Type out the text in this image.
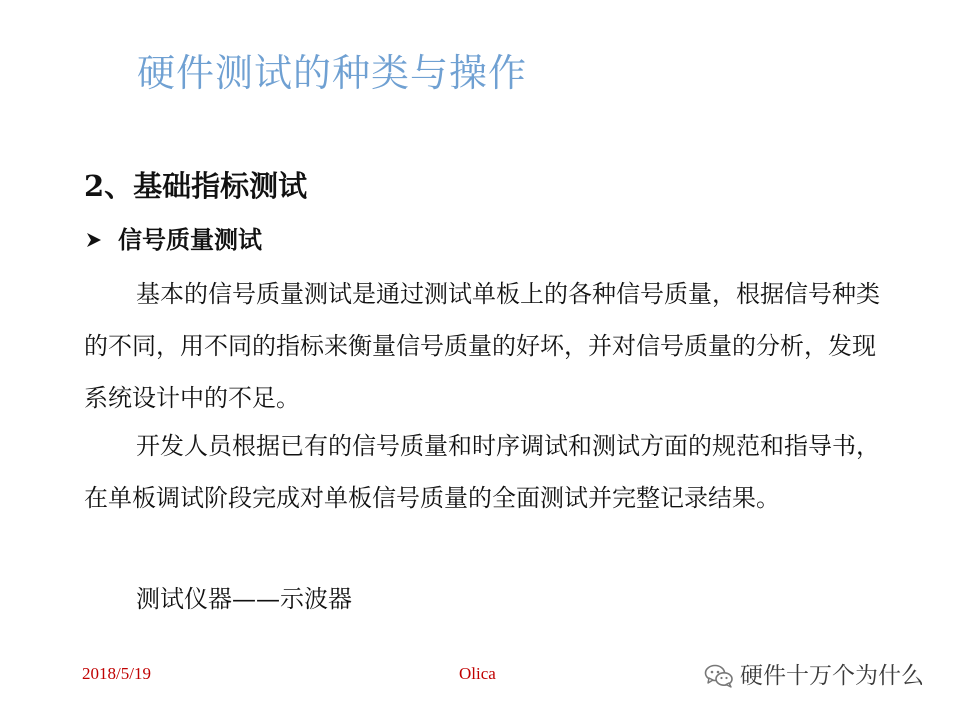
硬件测试的种类与操作
2、基础指标测试
信号质量测试

基本的信号质量测试是通过测试单板上的各种信号质量，根据信号种类的不同，用不同的指标来衡量信号质量的好坏，并对信号质量的分析，发现系统设计中的不足。

开发人员根据已有的信号质量和时序调试和测试方面的规范和指导书，在单板调试阶段完成对单板信号质量的全面测试并完整记录结果。

测试仪器——示波器

2018/5/19	Olica	硬件十万个为什么
